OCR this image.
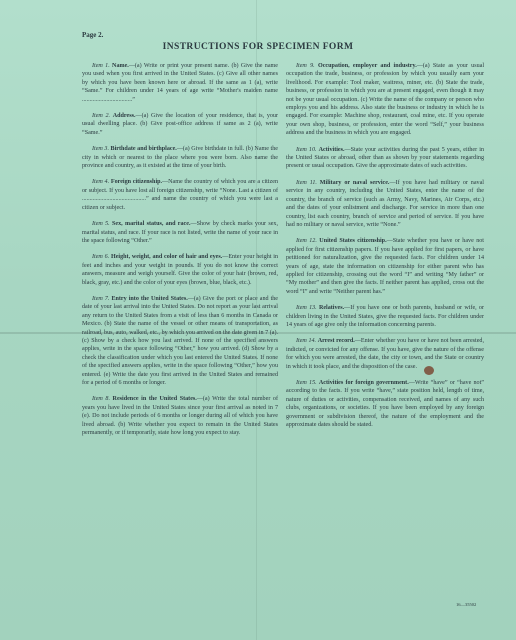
Page 2.
INSTRUCTIONS FOR SPECIMEN FORM

Item 1. Name.—(a) Write or print your present name. (b) Give the name you used when you first arrived in the United States. (c) Give all other names by which you have been known here or abroad. If the same as 1 (a), write “Same.” For children under 14 years of age write “Mother's maiden name .................................”

Item 2. Address.—(a) Give the location of your residence, that is, your usual dwelling place. (b) Give post-office address if same as 2 (a), write “Same.”

Item 3. Birthdate and birthplace.—(a) Give birthdate in full. (b) Name the city in which or nearest to the place where you were born. Also name the province and country, as it existed at the time of your birth.

Item 4. Foreign citizenship.—Name the country of which you are a citizen or subject. If you have lost all foreign citizenship, write “None. Last a citizen of ..........................................” and name the country of which you were last a citizen or subject.

Item 5. Sex, marital status, and race.—Show by check marks your sex, marital status, and race. If your race is not listed, write the name of your race in the space following “Other.”

Item 6. Height, weight, and color of hair and eyes.—Enter your height in feet and inches and your weight in pounds. If you do not know the correct answers, measure and weigh yourself. Give the color of your hair (brown, red, black, gray, etc.) and the color of your eyes (brown, blue, black, etc.).

Item 7. Entry into the United States.—(a) Give the port or place and the date of your last arrival into the United States. Do not report as your last arrival any return to the United States from a visit of less than 6 months in Canada or Mexico. (b) State the name of the vessel or other means of transportation, as railroad, bus, auto, walked, etc., by which you arrived on the date given in 7 (a). (c) Show by a check how you last arrived. If none of the specified answers applies, write in the space following “Other,” how you arrived. (d) Show by a check the classification under which you last entered the United States. If none of the specified answers applies, write in the space following “Other,” how you entered. (e) Write the date you first arrived in the United States and remained for a period of 6 months or longer.

Item 8. Residence in the United States.—(a) Write the total number of years you have lived in the United States since your first arrival as noted in 7 (e). Do not include periods of 6 months or longer during all of which you have lived abroad. (b) Write whether you expect to remain in the United States permanently, or if temporarily, state how long you expect to stay.

Item 9. Occupation, employer and industry.—(a) State as your usual occupation the trade, business, or profession by which you usually earn your livelihood. For example: Tool maker, waitress, miner, etc. (b) State the trade, business, or profession in which you are at present engaged, even though it may not be your usual occupation. (c) Write the name of the company or person who employs you and his address. Also state the business or industry in which he is engaged. For example: Machine shop, restaurant, coal mine, etc. If you operate your own shop, business, or profession, enter the word “Self,” your business address and the business in which you are engaged.

Item 10. Activities.—State your activities during the past 5 years, either in the United States or abroad, other than as shown by your statements regarding present or usual occupation. Give the approximate dates of such activities.

Item 11. Military or naval service.—If you have had military or naval service in any country, including the United States, enter the name of the country, the branch of service (such as Army, Navy, Marines, Air Corps, etc.) and the dates of your enlistment and discharge. For service in more than one country, list each country, branch of service and period of service. If you have had no military or naval service, write “None.”

Item 12. United States citizenship.—State whether you have or have not applied for first citizenship papers. If you have applied for first papers, or have petitioned for naturalization, give the requested facts. For children under 14 years of age, state the information on citizenship for either parent who has applied for citizenship, crossing out the word “I” and writing “My father” or “My mother” and then give the facts. If neither parent has applied, cross out the word “I” and write “Neither parent has.”

Item 13. Relatives.—If you have one or both parents, husband or wife, or children living in the United States, give the requested facts. For children under 14 years of age give only the information concerning parents.

Item 14. Arrest record.—Enter whether you have or have not been arrested, indicted, or convicted for any offense. If you have, give the nature of the offense for which you were arrested, the date, the city or town, and the State or country in which it took place, and the disposition of the case.

Item 15. Activities for foreign government.—Write “have” or “have not” according to the facts. If you write “have,” state position held, length of time, nature of duties or activities, compensation received, and names of any such clubs, organizations, or societies. If you have been employed by any foreign government or subdivision thereof, the nature of the employment and the approximate dates should be stated.

16—35502
